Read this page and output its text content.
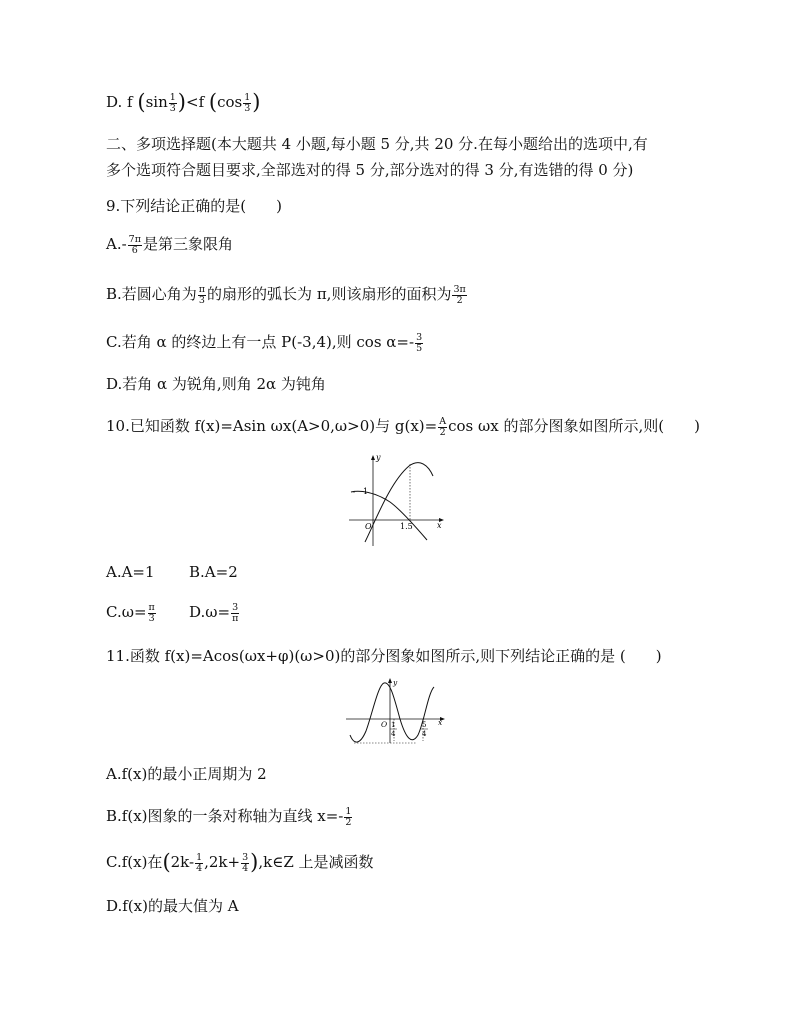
D. f $(\sin \frac{1}{3} )<f$ ($\cos \frac{1}{3}$ )
二、多项选择题(本大题共 4 小题,每小题 5 分,共 20 分.在每小题给出的选项中,有
多个选项符合题目要求,全部选对的得 5 分,部分选对的得 3 分,有选错的得 0 分)
9.下列结论正确的是(　　)
$A.- \frac{7\pi}{6}$ 是第三象限角
B.若圆心角为 $\frac{\pi}{3}$ 的扇形的弧长为 π,则该扇形的面积为 $\frac{3\pi}{2}$
C.若角 α 的终边上有一点 P(-3,4),则 $\cos \alpha=- \frac{3}{5}$
D.若角 α 为锐角,则角 2α 为钝角
10.已知函数 f(x)=Asin ωx(A>0,ω>0)与 $g(x)= \frac{A}{2}$ cos ωx 的部分图象如图所示,则(　　)
y
1
O	1.5	x
A.A=1 B.A=2
$C.\omega= \frac{\pi}{3} D.\omega= \frac{3}{\pi}$
11.函数 f(x)=Acos(ωx+φ)(ω>0)的部分图象如图所示,则下列结论正确的是 (　　)
y
O 1
4
5
4
x
A.f(x)的最小正周期为 2
B.f(x)图象的一条对称轴为直线 $x=- \frac{1}{2}$
C.f(x)在($2k- \frac{1}{4} ,2k+ \frac{3}{4}$ ),k∈Z 上是减函数
D.f(x)的最大值为 A
